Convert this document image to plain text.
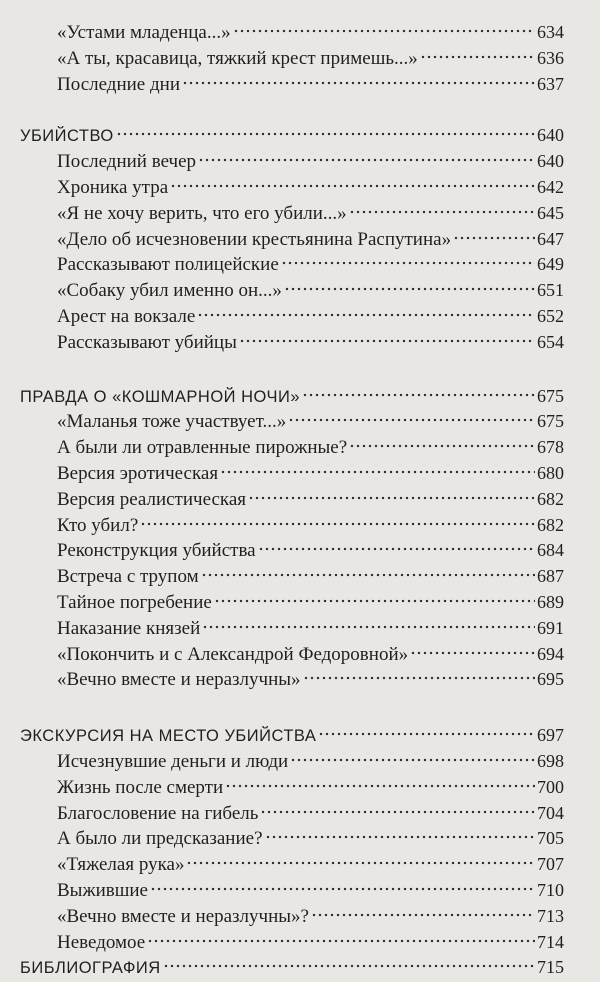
«Устами младенца...»	634
«А ты, красавица, тяжкий крест примешь...»	636
Последние дни	637
УБИЙСТВО	640
Последний вечер	640
Хроника утра	642
«Я не хочу верить, что его убили...»	645
«Дело об исчезновении крестьянина Распутина»	647
Рассказывают полицейские	649
«Собаку убил именно он...»	651
Арест на вокзале	652
Рассказывают убийцы	654
ПРАВДА О «КОШМАРНОЙ НОЧИ»	675
«Маланья тоже участвует...»	675
А были ли отравленные пирожные?	678
Версия эротическая	680
Версия реалистическая	682
Кто убил?	682
Реконструкция убийства	684
Встреча с трупом	687
Тайное погребение	689
Наказание князей	691
«Покончить и с Александрой Федоровной»	694
«Вечно вместе и неразлучны»	695
ЭКСКУРСИЯ НА МЕСТО УБИЙСТВА	697
Исчезнувшие деньги и люди	698
Жизнь после смерти	700
Благословение на гибель	704
А было ли предсказание?	705
«Тяжелая рука»	707
Выжившие	710
«Вечно вместе и неразлучны»?	713
Неведомое	714
БИБЛИОГРАФИЯ	715
